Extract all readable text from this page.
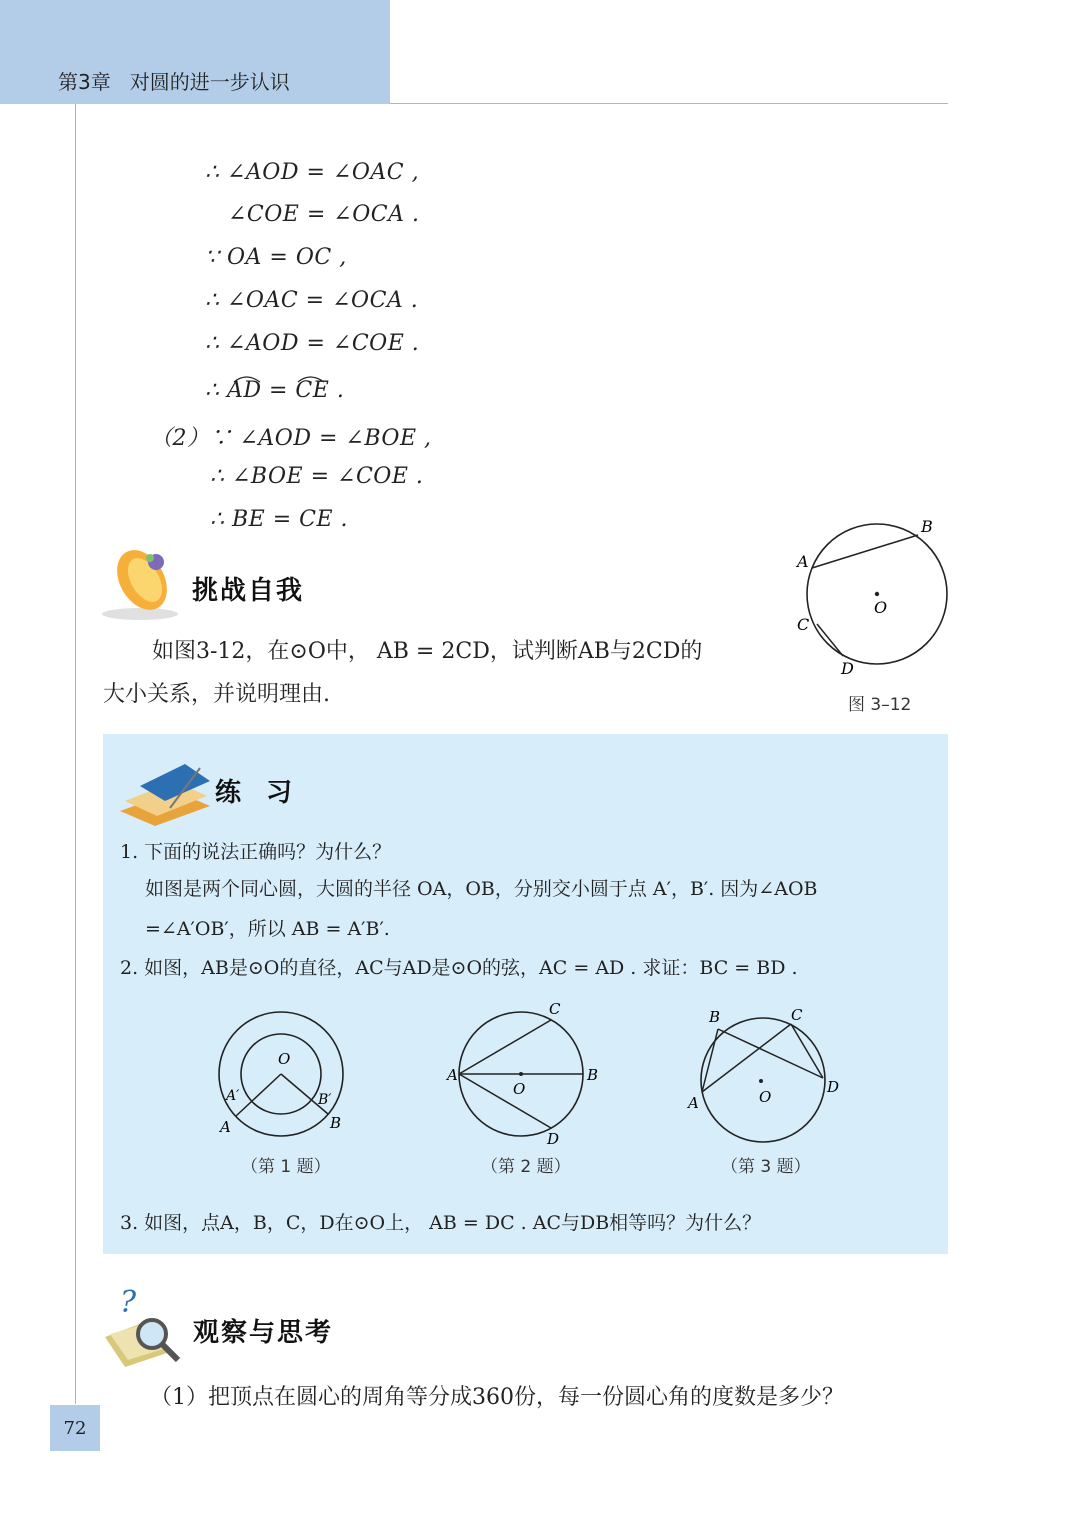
第3章   对圆的进一步认识
∴ ∠AOD = ∠OAC ,
∠COE = ∠OCA .
∵ OA = OC ,
∴ ∠OAC = ∠OCA .
∴ ∠AOD = ∠COE .
∴ AD = CE .
（2）∵ ∠AOD = ∠BOE ,
∴ ∠BOE = ∠COE .
∴ BE = CE .
挑战自我
如图3-12，在⊙O中， AB = 2CD，试判断AB与2CD的
大小关系，并说明理由.
A
B
C
D
O
图 3–12
练 习
1. 下面的说法正确吗？为什么？
如图是两个同心圆，大圆的半径 OA，OB，分别交小圆于点 A′，B′. 因为∠AOB
=∠A′OB′，所以 AB = A′B′.
2. 如图，AB是⊙O的直径，AC与AD是⊙O的弦，AC = AD . 求证：BC = BD .
O
A′	B′
A	B
（第 1 题）
A	B
C
D
O
（第 2 题）
A
B	C
D
O
（第 3 题）
3. 如图，点A，B，C，D在⊙O上， AB = DC . AC与DB相等吗？为什么？
?
观察与思考
（1）把顶点在圆心的周角等分成360份，每一份圆心角的度数是多少？
72
